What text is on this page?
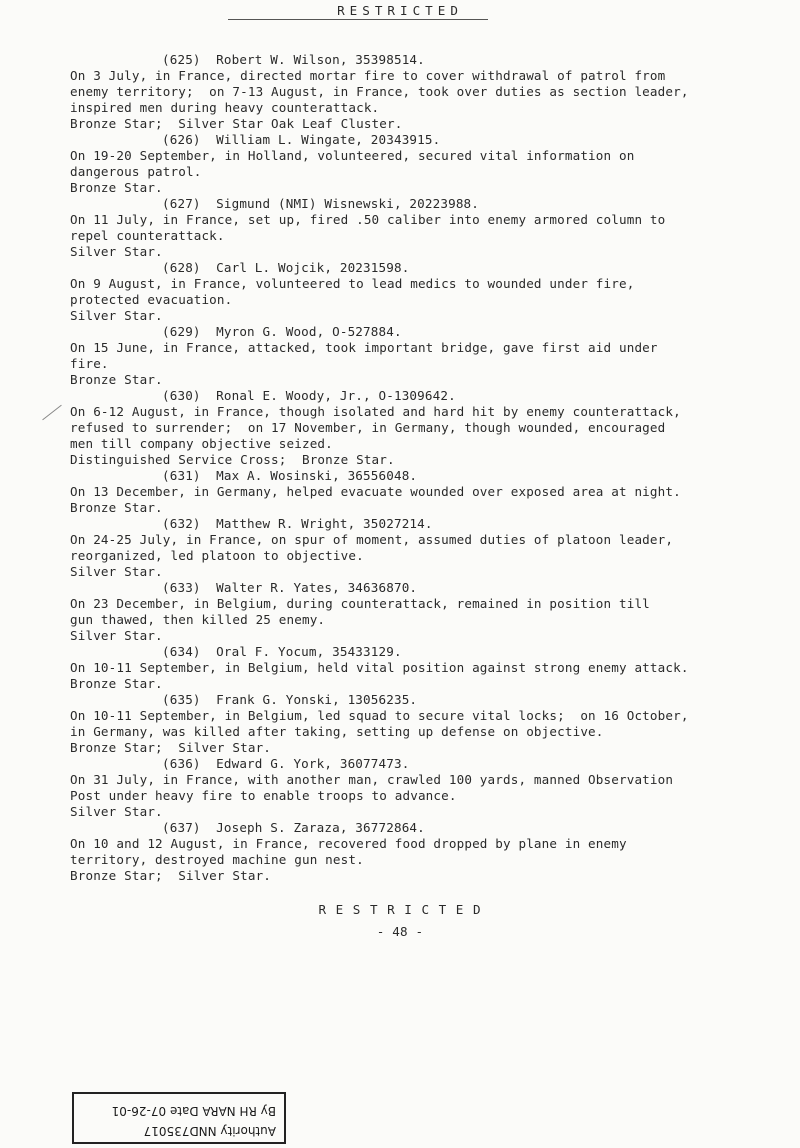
RESTRICTED
(625)  Robert W. Wilson, 35398514.
On 3 July, in France, directed mortar fire to cover withdrawal of patrol from
enemy territory;  on 7-13 August, in France, took over duties as section leader,
inspired men during heavy counterattack.
Bronze Star;  Silver Star Oak Leaf Cluster.
(626)  William L. Wingate, 20343915.
On 19-20 September, in Holland, volunteered, secured vital information on
dangerous patrol.
Bronze Star.
(627)  Sigmund (NMI) Wisnewski, 20223988.
On 11 July, in France, set up, fired .50 caliber into enemy armored column to
repel counterattack.
Silver Star.
(628)  Carl L. Wojcik, 20231598.
On 9 August, in France, volunteered to lead medics to wounded under fire,
protected evacuation.
Silver Star.
(629)  Myron G. Wood, O-527884.
On 15 June, in France, attacked, took important bridge, gave first aid under
fire.
Bronze Star.
(630)  Ronal E. Woody, Jr., O-1309642.
On 6-12 August, in France, though isolated and hard hit by enemy counterattack,
refused to surrender;  on 17 November, in Germany, though wounded, encouraged
men till company objective seized.
Distinguished Service Cross;  Bronze Star.
(631)  Max A. Wosinski, 36556048.
On 13 December, in Germany, helped evacuate wounded over exposed area at night.
Bronze Star.
(632)  Matthew R. Wright, 35027214.
On 24-25 July, in France, on spur of moment, assumed duties of platoon leader,
reorganized, led platoon to objective.
Silver Star.
(633)  Walter R. Yates, 34636870.
On 23 December, in Belgium, during counterattack, remained in position till
gun thawed, then killed 25 enemy.
Silver Star.
(634)  Oral F. Yocum, 35433129.
On 10-11 September, in Belgium, held vital position against strong enemy attack.
Bronze Star.
(635)  Frank G. Yonski, 13056235.
On 10-11 September, in Belgium, led squad to secure vital locks;  on 16 October,
in Germany, was killed after taking, setting up defense on objective.
Bronze Star;  Silver Star.
(636)  Edward G. York, 36077473.
On 31 July, in France, with another man, crawled 100 yards, manned Observation
Post under heavy fire to enable troops to advance.
Silver Star.
(637)  Joseph S. Zaraza, 36772864.
On 10 and 12 August, in France, recovered food dropped by plane in enemy
territory, destroyed machine gun nest.
Bronze Star;  Silver Star.
R E S T R I C T E D
- 48 -
Authority NND735017
By RH NARA Date 07-26-01
